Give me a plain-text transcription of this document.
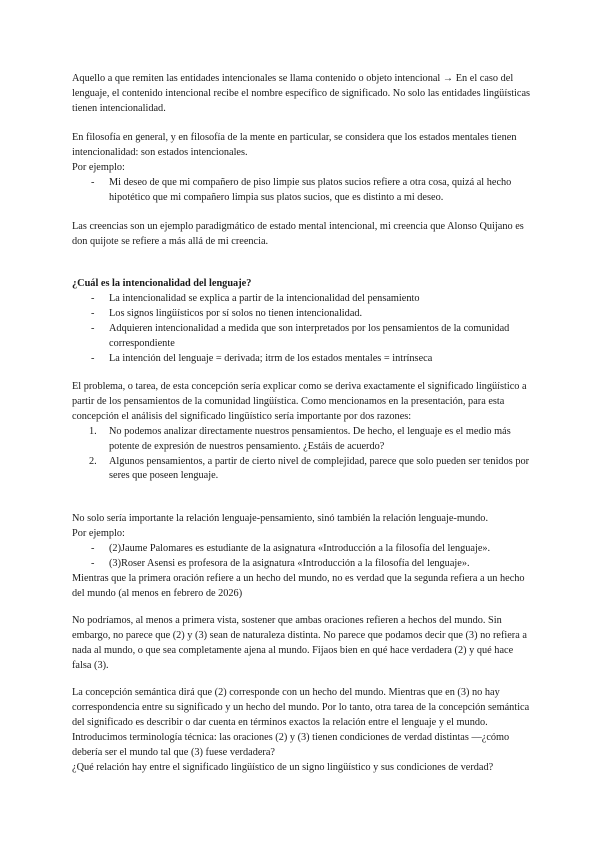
Aquello a que remiten las entidades intencionales se llama contenido o objeto intencional → En el caso del lenguaje, el contenido intencional recibe el nombre específico de significado. No solo las entidades lingüísticas tienen intencionalidad.

En filosofía en general, y en filosofía de la mente en particular, se considera que los estados mentales tienen intencionalidad: son estados intencionales.

Por ejemplo:

- Mi deseo de que mi compañero de piso limpie sus platos sucios refiere a otra cosa, quizá al hecho hipotético que mi compañero limpia sus platos sucios, que es distinto a mi deseo.

Las creencias son un ejemplo paradigmático de estado mental intencional, mi creencia que Alonso Quijano es don quijote se refiere a más allá de mi creencia.

¿Cuál es la intencionalidad del lenguaje?

- La intencionalidad se explica a partir de la intencionalidad del pensamiento
- Los signos lingüísticos por sí solos no tienen intencionalidad.
- Adquieren intencionalidad a medida que son interpretados por los pensamientos de la comunidad correspondiente
- La intención del lenguaje = derivada; itrm de los estados mentales = intrínseca

El problema, o tarea, de esta concepción sería explicar como se deriva exactamente el significado lingüístico a partir de los pensamientos de la comunidad lingüística. Como mencionamos en la presentación, para esta concepción el análisis del significado lingüístico sería importante por dos razones:

1. No podemos analizar directamente nuestros pensamientos. De hecho, el lenguaje es el medio más potente de expresión de nuestros pensamiento. ¿Estáis de acuerdo?
2. Algunos pensamientos, a partir de cierto nivel de complejidad, parece que solo pueden ser tenidos por seres que poseen lenguaje.

No solo sería importante la relación lenguaje-pensamiento, sinó también la relación lenguaje-mundo.

Por ejemplo:

- (2)Jaume Palomares es estudiante de la asignatura «Introducción a la filosofía del lenguaje».
- (3)Roser Asensi es profesora de la asignatura «Introducción a la filosofía del lenguaje».

Mientras que la primera oración refiere a un hecho del mundo, no es verdad que la segunda refiera a un hecho del mundo (al menos en febrero de 2026)

No podríamos, al menos a primera vista, sostener que ambas oraciones refieren a hechos del mundo. Sin embargo, no parece que (2) y (3) sean de naturaleza distinta. No parece que podamos decir que (3) no refiera a nada al mundo, o que sea completamente ajena al mundo. Fijaos bien en qué hace verdadera (2) y qué hace falsa (3).

La concepción semántica dirá que (2) corresponde con un hecho del mundo. Mientras que en (3) no hay correspondencia entre su significado y un hecho del mundo. Por lo tanto, otra tarea de la concepción semántica del significado es describir o dar cuenta en términos exactos la relación entre el lenguaje y el mundo. Introducimos terminología técnica: las oraciones (2) y (3) tienen condiciones de verdad distintas —¿cómo debería ser el mundo tal que (3) fuese verdadera?

¿Qué relación hay entre el significado lingüístico de un signo lingüístico y sus condiciones de verdad?
